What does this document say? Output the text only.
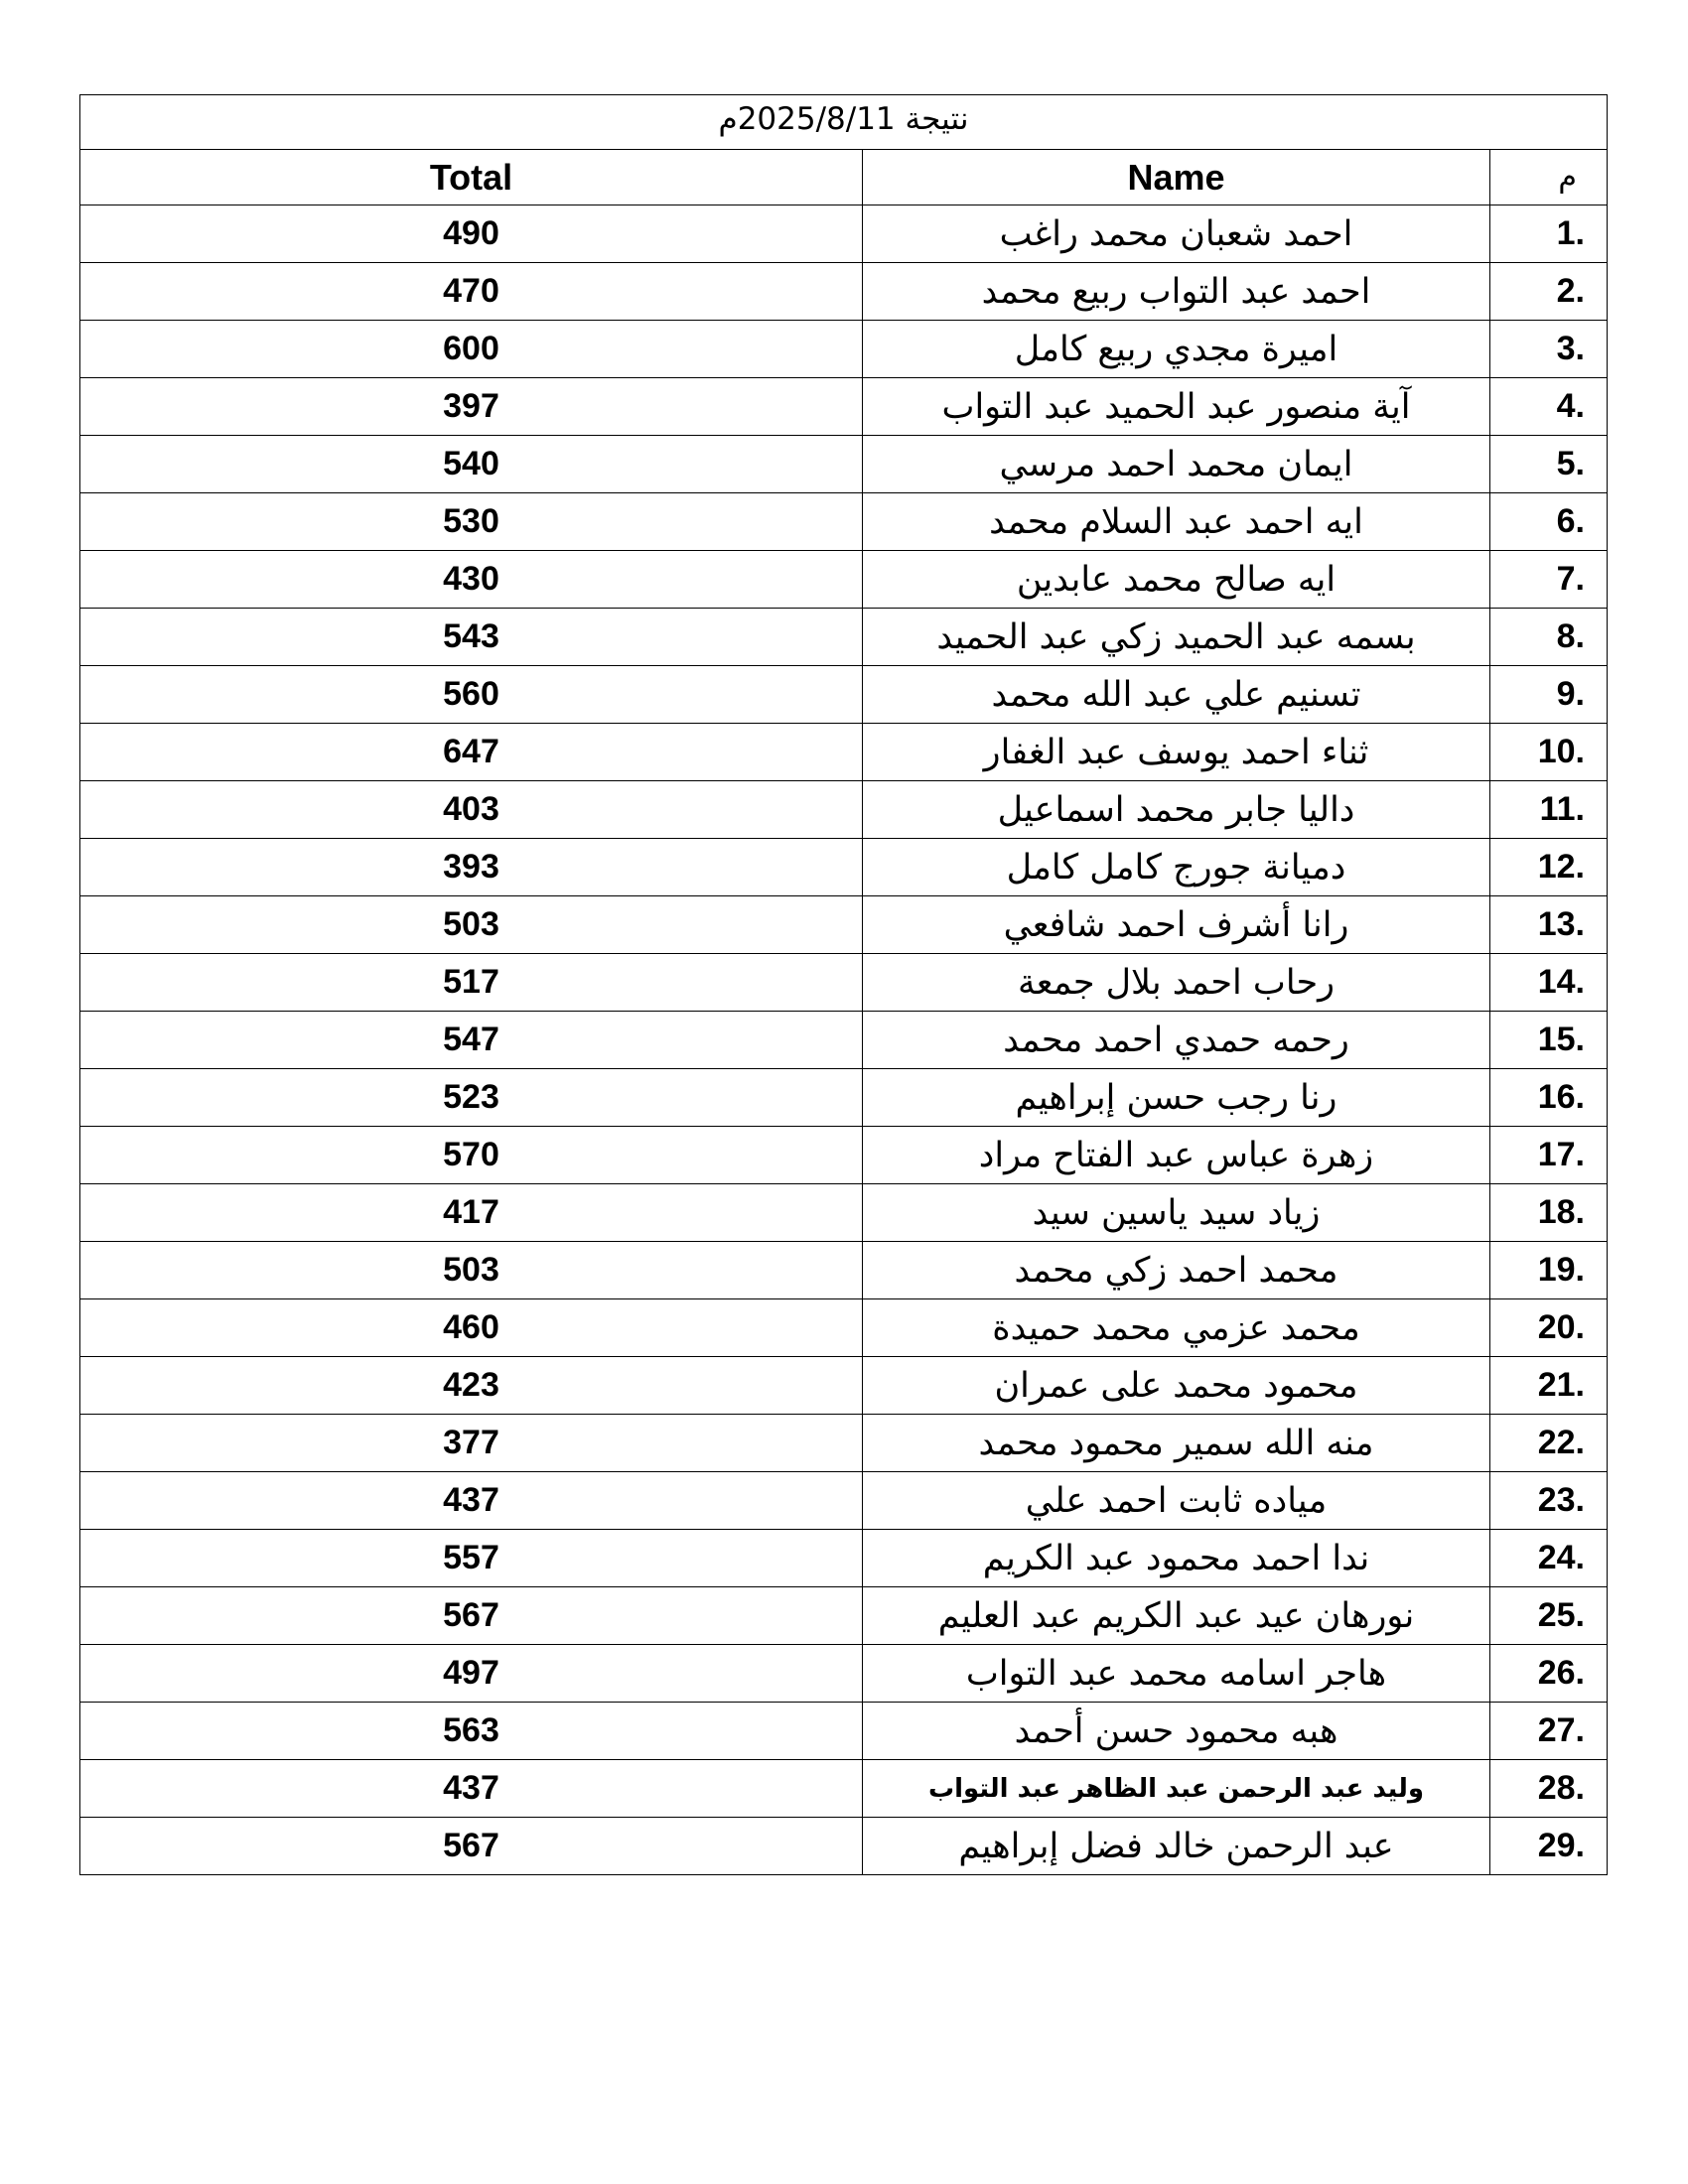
نتيجة 2025/8/11م		
Total	Name	م
490	احمد شعبان محمد راغب	1.
470	احمد عبد التواب ربيع محمد	2.
600	اميرة مجدي ربيع كامل	3.
397	آية منصور عبد الحميد عبد التواب	4.
540	ايمان محمد احمد مرسي	5.
530	ايه احمد عبد السلام محمد	6.
430	ايه صالح محمد عابدين	7.
543	بسمه عبد الحميد زكي عبد الحميد	8.
560	تسنيم علي عبد الله محمد	9.
647	ثناء احمد يوسف عبد الغفار	10.
403	داليا جابر محمد اسماعيل	11.
393	دميانة جورج كامل كامل	12.
503	رانا أشرف احمد شافعي	13.
517	رحاب احمد بلال جمعة	14.
547	رحمه حمدي احمد محمد	15.
523	رنا رجب حسن إبراهيم	16.
570	زهرة عباس عبد الفتاح مراد	17.
417	زياد سيد ياسين سيد	18.
503	محمد احمد زكي محمد	19.
460	محمد عزمي محمد حميدة	20.
423	محمود محمد على عمران	21.
377	منه الله سمير محمود محمد	22.
437	مياده ثابت احمد علي	23.
557	ندا احمد محمود عبد الكريم	24.
567	نورهان عيد عبد الكريم عبد العليم	25.
497	هاجر اسامه محمد عبد التواب	26.
563	هبه محمود حسن أحمد	27.
437	وليد عبد الرحمن عبد الظاهر عبد التواب	28.
567	عبد الرحمن خالد فضل إبراهيم	29.
